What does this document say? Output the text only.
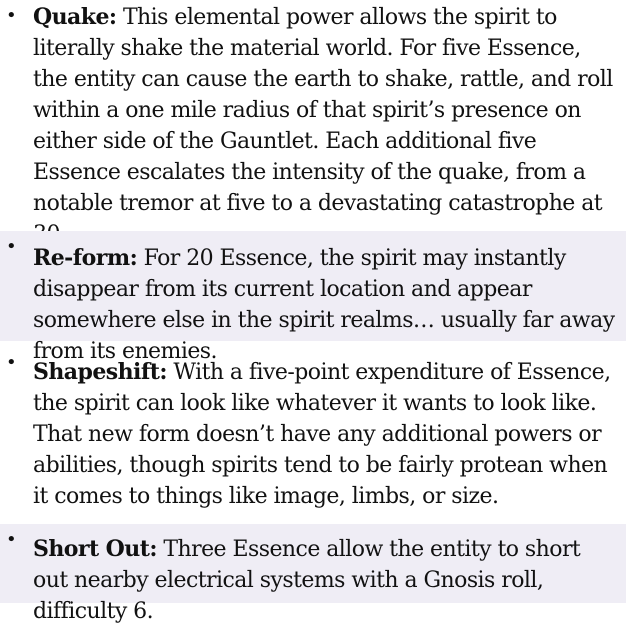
• Quake: This elemental power allows the spirit to literally shake the material world. For five Essence, the entity can cause the earth to shake, rattle, and roll within a one mile radius of that spirit’s presence on either side of the Gauntlet. Each additional five Essence escalates the intensity of the quake, from a notable tremor at five to a devastating catastrophe at
• Re-form: For 20 Essence, the spirit may instantly disappear from its current location and appear somewhere else in the spirit realms… usually far away from its enemies.
• Shapeshift: With a five-point expenditure of Essence, the spirit can look like whatever it wants to look like. That new form doesn’t have any additional powers or abilities, though spirits tend to be fairly protean when it comes to things like image, limbs, or size.
• Short Out: Three Essence allow the entity to short out nearby electrical systems with a Gnosis roll, difficulty 6.
